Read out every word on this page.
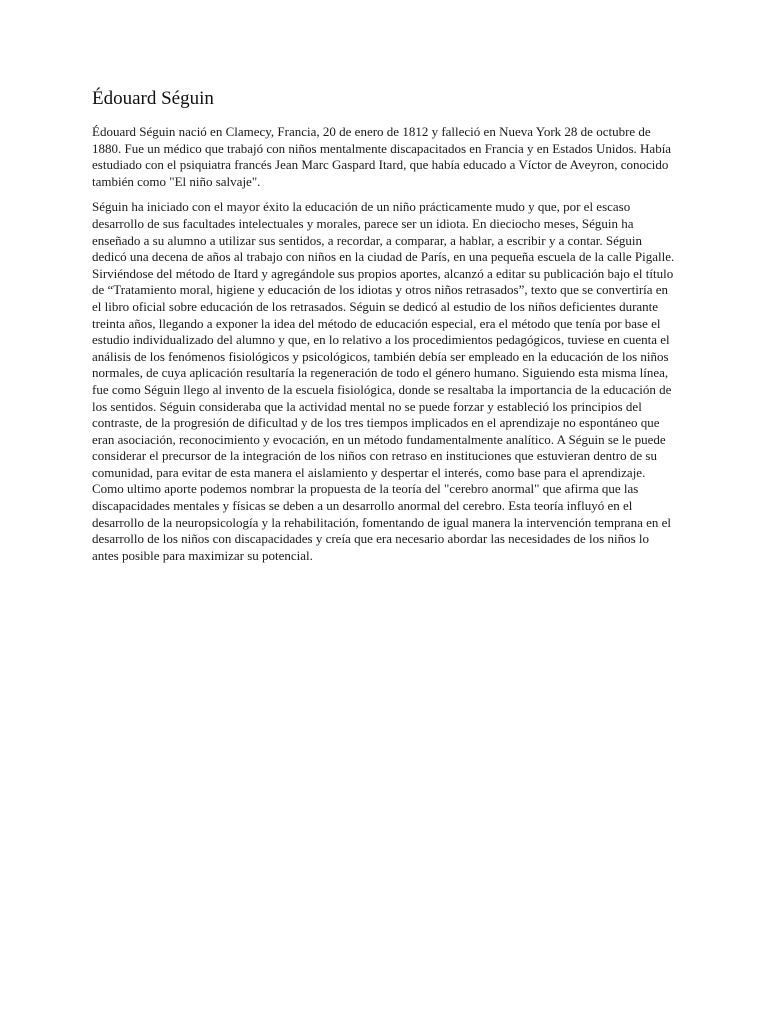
Édouard Séguin

Édouard Séguin nació en Clamecy, Francia, 20 de enero de 1812 y falleció en Nueva York 28 de octubre de 1880. Fue un médico que trabajó con niños mentalmente discapacitados en Francia y en Estados Unidos. Había estudiado con el psiquiatra francés Jean Marc Gaspard Itard, que había educado a Víctor de Aveyron, conocido también como "El niño salvaje".

Séguin ha iniciado con el mayor éxito la educación de un niño prácticamente mudo y que, por el escaso desarrollo de sus facultades intelectuales y morales, parece ser un idiota. En dieciocho meses, Séguin ha enseñado a su alumno a utilizar sus sentidos, a recordar, a comparar, a hablar, a escribir y a contar. Séguin dedicó una decena de años al trabajo con niños en la ciudad de París, en una pequeña escuela de la calle Pigalle. Sirviéndose del método de Itard y agregándole sus propios aportes, alcanzó a editar su publicación bajo el título de “Tratamiento moral, higiene y educación de los idiotas y otros niños retrasados”, texto que se convertiría en el libro oficial sobre educación de los retrasados. Séguin se dedicó al estudio de los niños deficientes durante treinta años, llegando a exponer la idea del método de educación especial, era el método que tenía por base el estudio individualizado del alumno y que, en lo relativo a los procedimientos pedagógicos, tuviese en cuenta el análisis de los fenómenos fisiológicos y psicológicos, también debía ser empleado en la educación de los niños normales, de cuya aplicación resultaría la regeneración de todo el género humano. Siguiendo esta misma línea, fue como Séguin llego al invento de la escuela fisiológica, donde se resaltaba la importancia de la educación de los sentidos. Séguin consideraba que la actividad mental no se puede forzar y estableció los principios del contraste, de la progresión de dificultad y de los tres tiempos implicados en el aprendizaje no espontáneo que eran asociación, reconocimiento y evocación, en un método fundamentalmente analítico. A Séguin se le puede considerar el precursor de la integración de los niños con retraso en instituciones que estuvieran dentro de su comunidad, para evitar de esta manera el aislamiento y despertar el interés, como base para el aprendizaje. Como ultimo aporte podemos nombrar la propuesta de la teoría del "cerebro anormal" que afirma que las discapacidades mentales y físicas se deben a un desarrollo anormal del cerebro. Esta teoría influyó en el desarrollo de la neuropsicología y la rehabilitación, fomentando de igual manera la intervención temprana en el desarrollo de los niños con discapacidades y creía que era necesario abordar las necesidades de los niños lo antes posible para maximizar su potencial.
